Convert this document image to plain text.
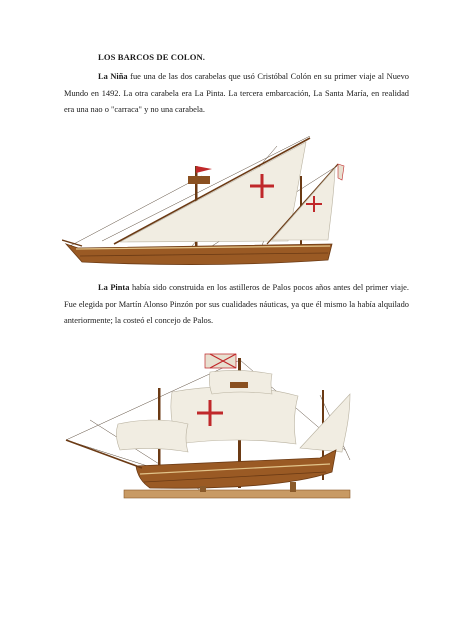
LOS BARCOS DE COLON.
La Niña fue una de las dos carabelas que usó Cristóbal Colón en su primer viaje al Nuevo Mundo en 1492. La otra carabela era La Pinta. La tercera embarcación, La Santa María, en realidad era una nao o "carraca" y no una carabela.
La Pinta había sido construida en los astilleros de Palos pocos años antes del primer viaje. Fue elegida por Martín Alonso Pinzón por sus cualidades náuticas, ya que él mismo la había alquilado anteriormente; la costeó el concejo de Palos.
